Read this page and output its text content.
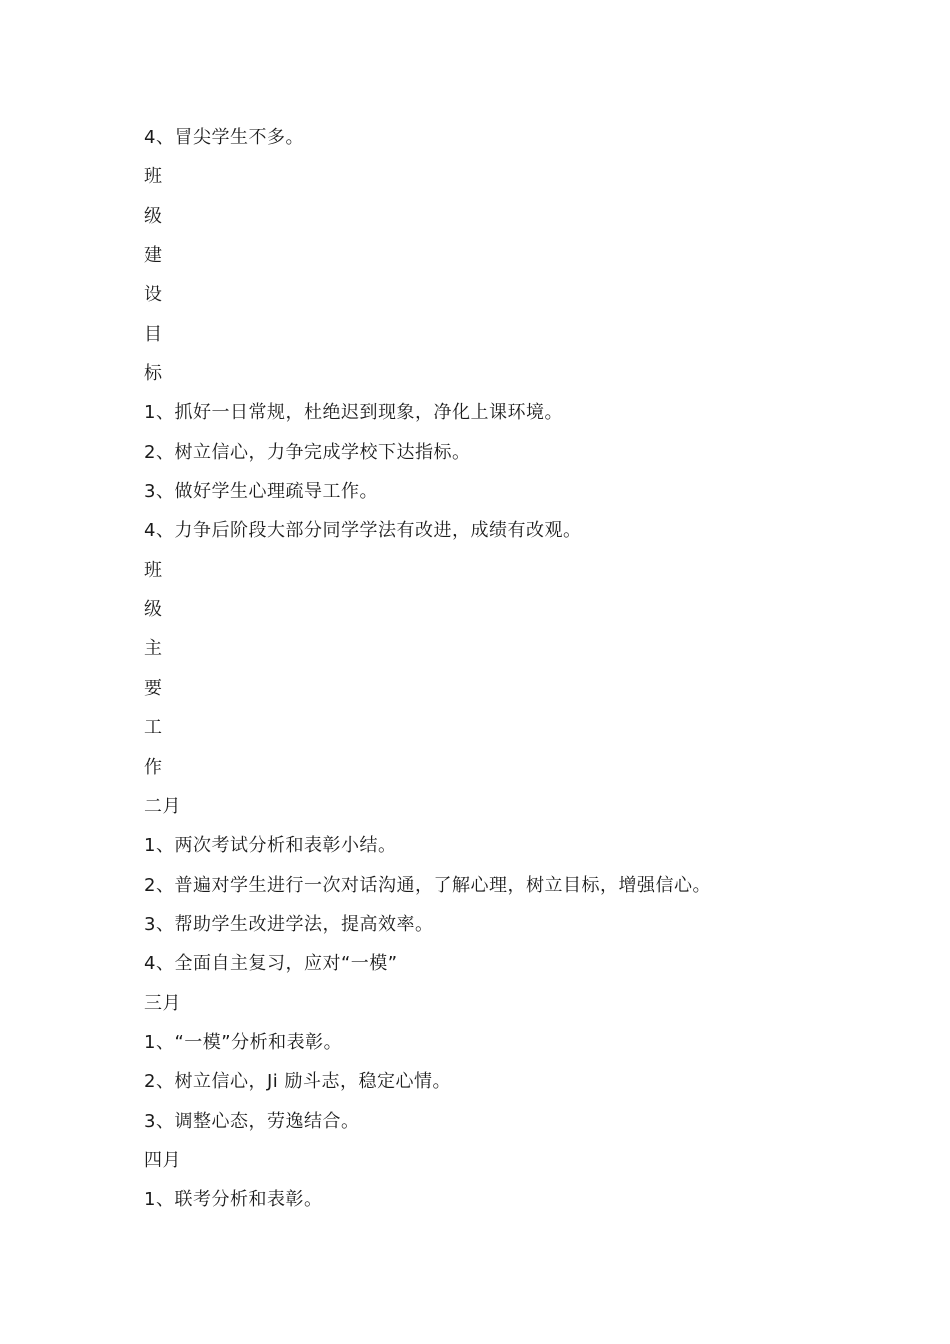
4、冒尖学生不多。
班
级
建
设
目
标
1、抓好一日常规，杜绝迟到现象，净化上课环境。
2、树立信心，力争完成学校下达指标。
3、做好学生心理疏导工作。
4、力争后阶段大部分同学学法有改进，成绩有改观。
班
级
主
要
工
作
二月
1、两次考试分析和表彰小结。
2、普遍对学生进行一次对话沟通，了解心理，树立目标，增强信心。
3、帮助学生改进学法，提高效率。
4、全面自主复习，应对“一模”
三月
1、“一模”分析和表彰。
2、树立信心，Ji 励斗志，稳定心情。
3、调整心态，劳逸结合。
四月
1、联考分析和表彰。
